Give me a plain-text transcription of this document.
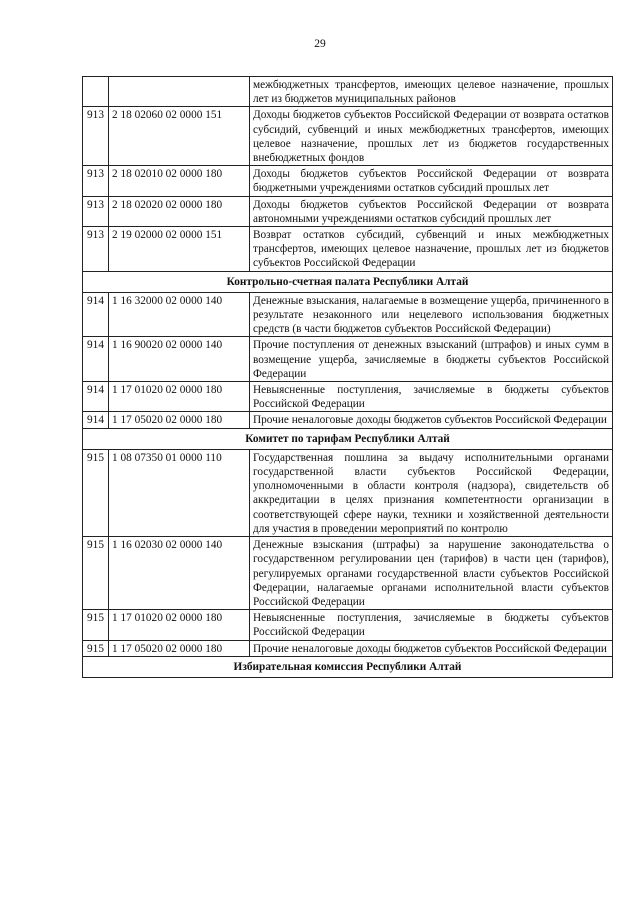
29
		межбюджетных трансфертов, имеющих целевое назначение, прошлых лет из бюджетов муниципальных районов
913	2 18 02060 02 0000 151	Доходы бюджетов субъектов Российской Федерации от возврата остатков субсидий, субвенций и иных межбюджетных трансфертов, имеющих целевое назначение, прошлых лет из бюджетов государственных внебюджетных фондов
913	2 18 02010 02 0000 180	Доходы бюджетов субъектов Российской Федерации от возврата бюджетными учреждениями остатков субсидий прошлых лет
913	2 18 02020 02 0000 180	Доходы бюджетов субъектов Российской Федерации от возврата автономными учреждениями остатков субсидий прошлых лет
913	2 19 02000 02 0000 151	Возврат остатков субсидий, субвенций и иных межбюджетных трансфертов, имеющих целевое назначение, прошлых лет из бюджетов субъектов Российской Федерации
Контрольно-счетная палата Республики Алтай		
914	1 16 32000 02 0000 140	Денежные взыскания, налагаемые в возмещение ущерба, причиненного в результате незаконного или нецелевого использования бюджетных средств (в части бюджетов субъектов Российской Федерации)
914	1 16 90020 02 0000 140	Прочие поступления от денежных взысканий (штрафов) и иных сумм в возмещение ущерба, зачисляемые в бюджеты субъектов Российской Федерации
914	1 17 01020 02 0000 180	Невыясненные поступления, зачисляемые в бюджеты субъектов Российской Федерации
914	1 17 05020 02 0000 180	Прочие неналоговые доходы бюджетов субъектов Российской Федерации
Комитет по тарифам Республики Алтай		
915	1 08 07350 01 0000 110	Государственная пошлина за выдачу исполнительными органами государственной власти субъектов Российской Федерации, уполномоченными в области контроля (надзора), свидетельств об аккредитации в целях признания компетентности организации в соответствующей сфере науки, техники и хозяйственной деятельности для участия в проведении мероприятий по контролю
915	1 16 02030 02 0000 140	Денежные взыскания (штрафы) за нарушение законодательства о государственном регулировании цен (тарифов) в части цен (тарифов), регулируемых органами государственной власти субъектов Российской Федерации, налагаемые органами исполнительной власти субъектов Российской Федерации
915	1 17 01020 02 0000 180	Невыясненные поступления, зачисляемые в бюджеты субъектов Российской Федерации
915	1 17 05020 02 0000 180	Прочие неналоговые доходы бюджетов субъектов Российской Федерации
Избирательная комиссия Республики Алтай		
